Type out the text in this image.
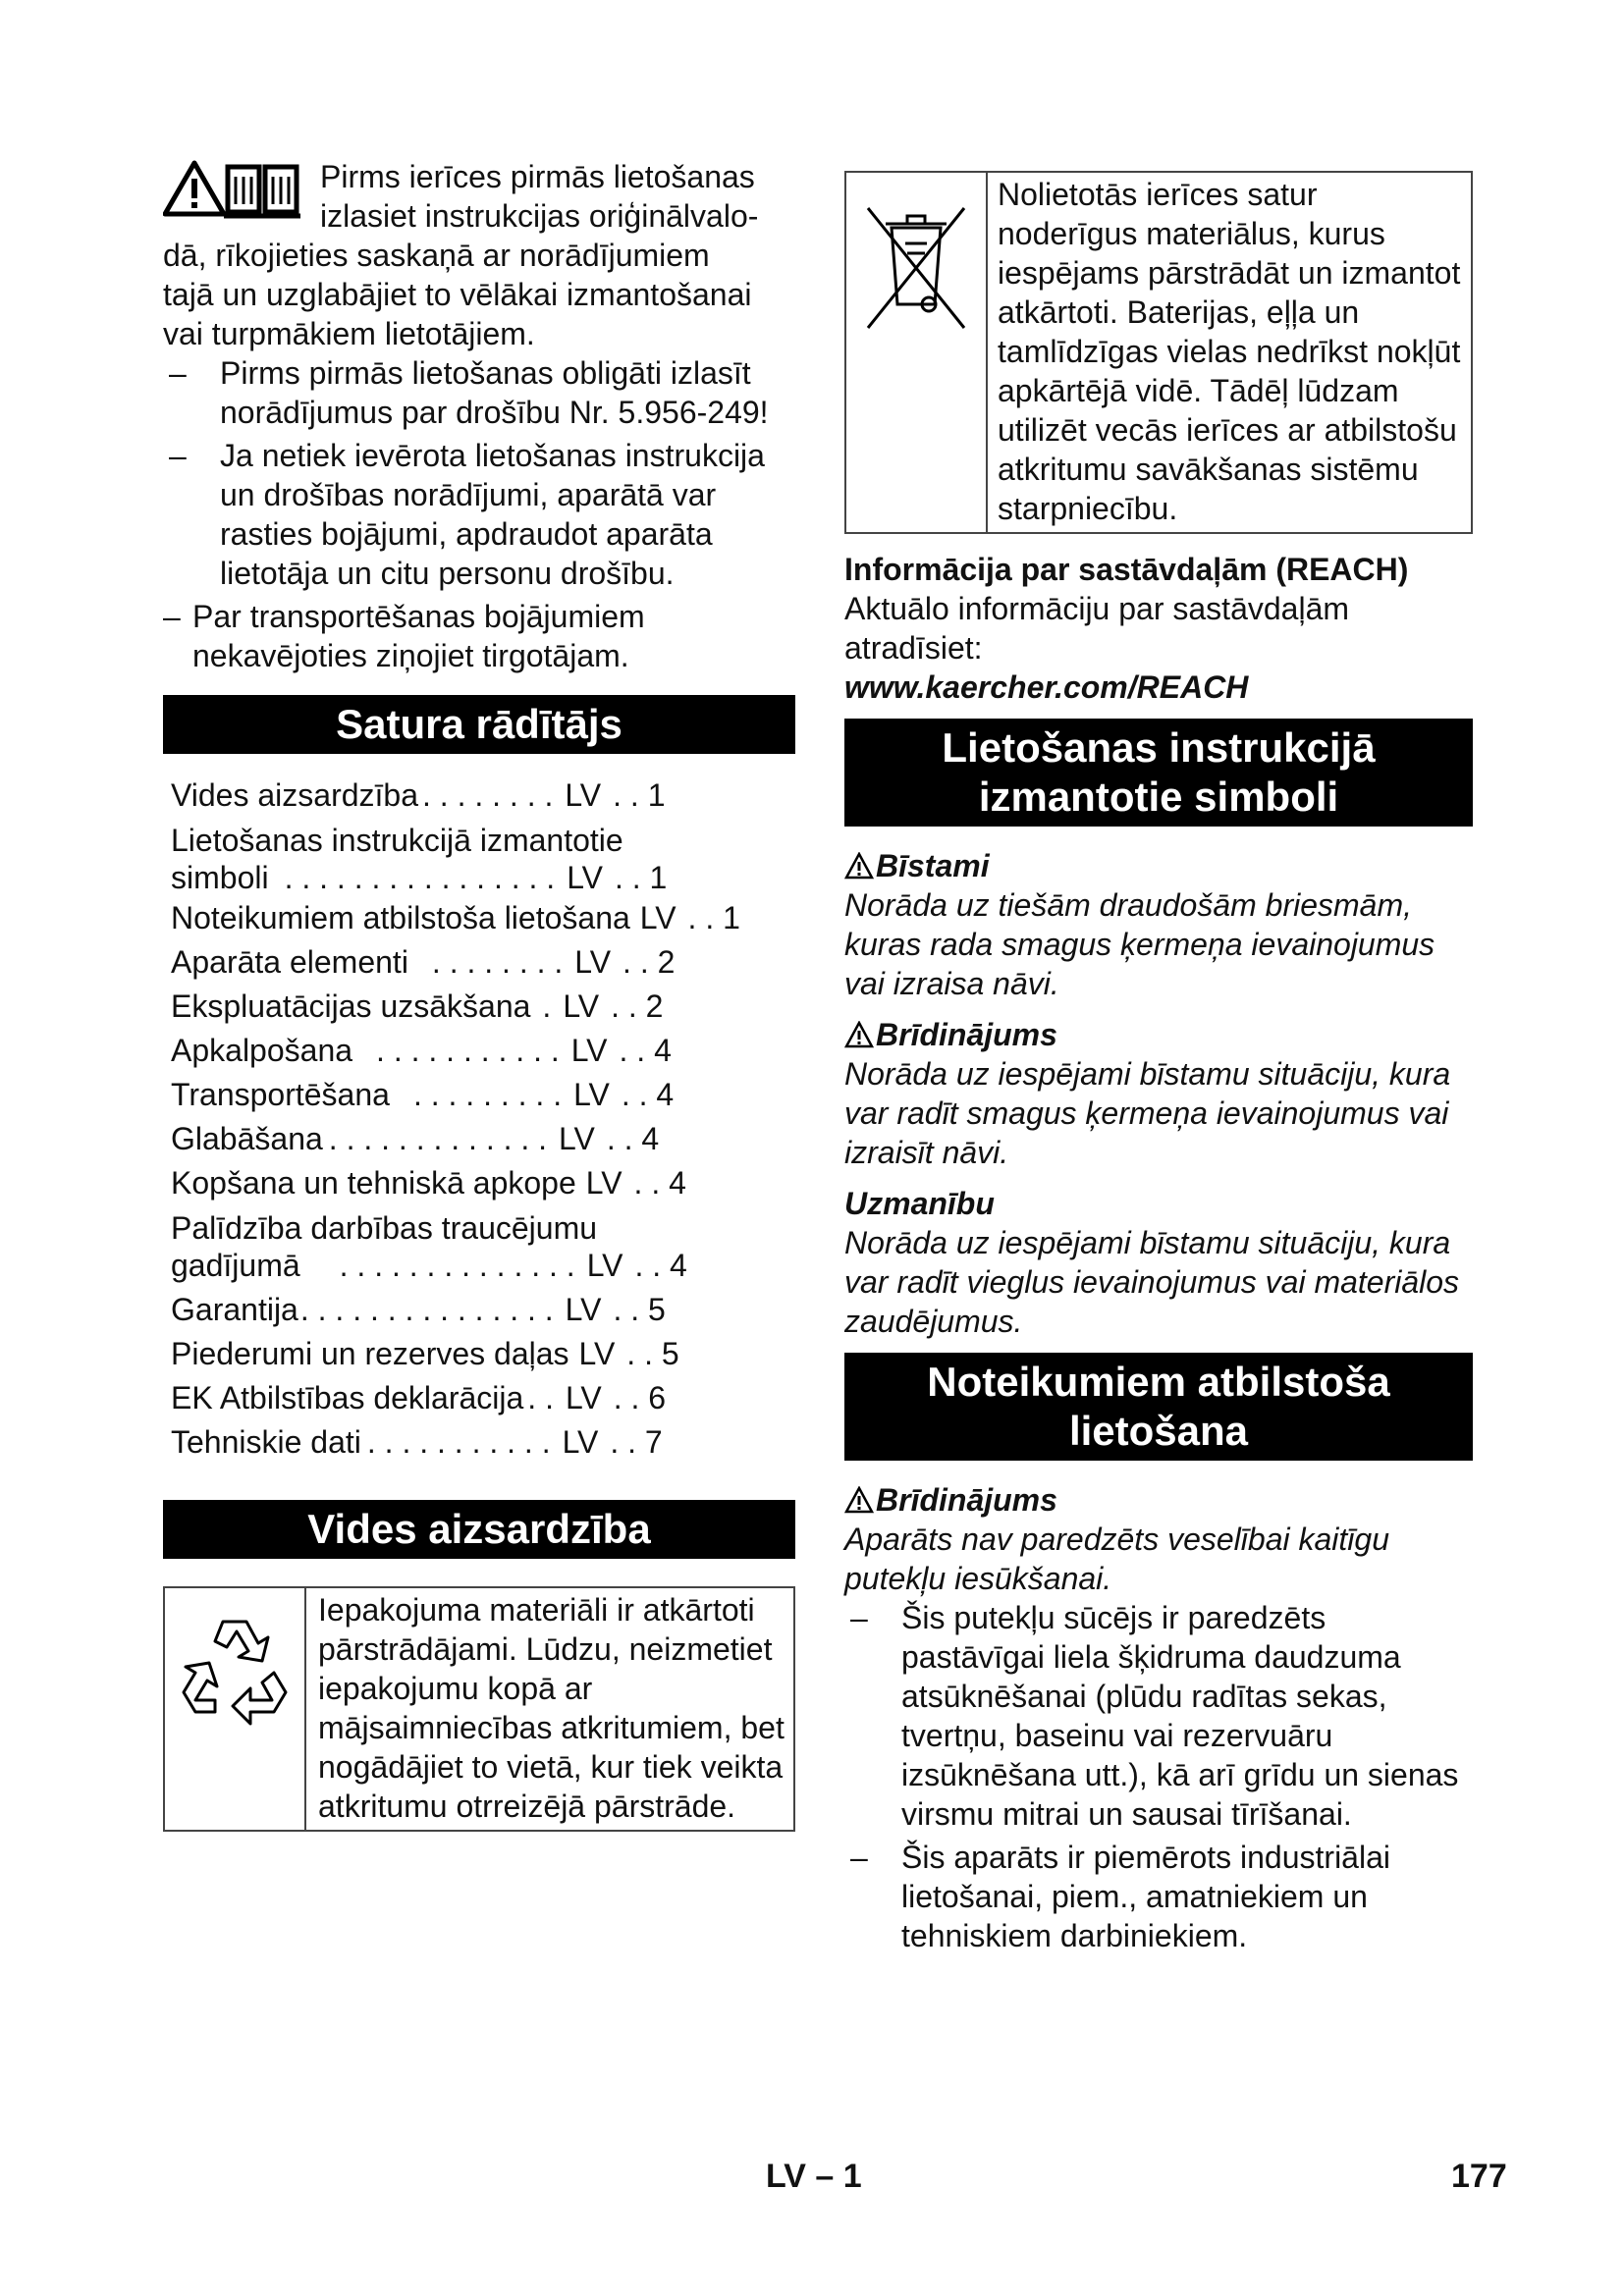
Pirms ierīces pirmās lietošanas

izlasiet instrukcijas oriģinālvalo-

dā, rīkojieties saskaņā ar norādījumiem

tajā un uzglabājiet to vēlākai izmantošanai

vai turpmākiem lietotājiem.

–	Pirms pirmās lietošanas obligāti izlasīt norādījumus par drošību Nr. 5.956-249!
–	Ja netiek ievērota lietošanas instrukcija un drošības norādījumi, aparātā var rasties bojājumi, apdraudot aparāta lietotāja un citu personu drošību.
– Par transportēšanas bojājumiem nekavējoties ziņojiet tirgotājam.
Satura rādītājs
Vides aizsardzība . . . . . . . . LV . . 1
Lietošanas instrukcijā izmantotie
simboli . . . . . . . . . . . . . . . . LV . . 1
Noteikumiem atbilstoša lietošana LV . . 1
Aparāta elementi . . . . . . . . LV . . 2
Ekspluatācijas uzsākšana . LV . . 2
Apkalpošana . . . . . . . . . . . LV . . 4
Transportēšana . . . . . . . . . LV . . 4
Glabāšana . . . . . . . . . . . . . LV . . 4
Kopšana un tehniskā apkope LV . . 4
Palīdzība darbības traucējumu
gadījumā . . . . . . . . . . . . . . LV . . 4
Garantija . . . . . . . . . . . . . . . LV . . 5
Piederumi un rezerves daļas LV . . 5
EK Atbilstības deklarācija . . LV . . 6
Tehniskie dati . . . . . . . . . . . LV . . 7
Vides aizsardzība
Iepakojuma materiāli ir atkārtoti pārstrādājami. Lūdzu, neizmetiet iepakojumu kopā ar mājsaimniecības atkritumiem, bet nogādājiet to vietā, kur tiek veikta atkritumu otrreizējā pārstrāde.
Nolietotās ierīces satur noderīgus materiālus, kurus iespējams pārstrādāt un izmantot atkārtoti. Baterijas, eļļa un tamlīdzīgas vielas nedrīkst nokļūt apkārtējā vidē. Tādēļ lūdzam utilizēt vecās ierīces ar atbilstošu atkritumu savākšanas sistēmu starpniecību.

Informācija par sastāvdaļām (REACH)

Aktuālo informāciju par sastāvdaļām atradīsiet:

www.kaercher.com/REACH

Lietošanas instrukcijā
izmantotie simboli

Bīstami

Norāda uz tiešām draudošām briesmām, kuras rada smagus ķermeņa ievainojumus vai izraisa nāvi.

Brīdinājums

Norāda uz iespējami bīstamu situāciju, kura var radīt smagus ķermeņa ievainojumus vai izraisīt nāvi.

Uzmanību

Norāda uz iespējami bīstamu situāciju, kura var radīt vieglus ievainojumus vai materiālos zaudējumus.

Noteikumiem atbilstoša
lietošana

Brīdinājums

Aparāts nav paredzēts veselībai kaitīgu putekļu iesūkšanai.

–	Šis putekļu sūcējs ir paredzēts pastāvīgai liela šķidruma daudzuma atsūknēšanai (plūdu radītas sekas, tvertņu, baseinu vai rezervuāru izsūknēšana utt.), kā arī grīdu un sienas virsmu mitrai un sausai tīrīšanai.
–	Šis aparāts ir piemērots industriālai lietošanai, piem., amatniekiem un tehniskiem darbiniekiem.
LV – 1	177
